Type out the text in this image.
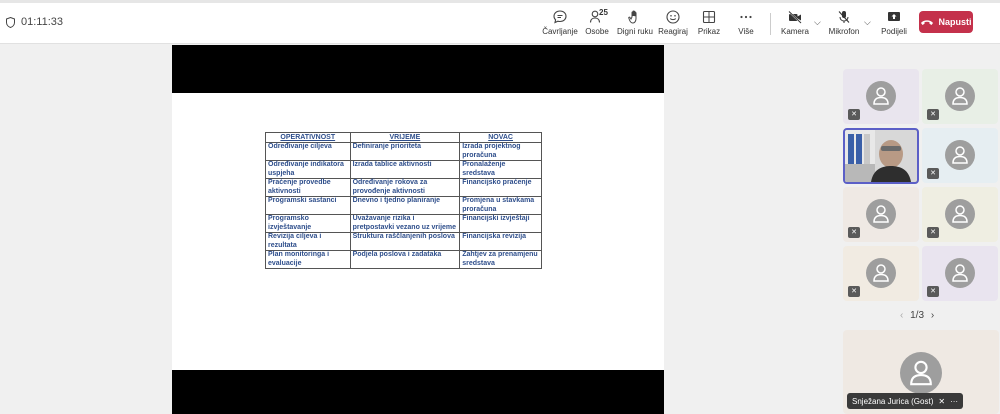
01:11:33
Čavrljanje
25
Osobe Digni ruku Reagiraj Prikaz	Više	Kamera
⌵
Mikrofon
⌵
Podijeli
Napusti
OPERATIVNOST	VRIJEME	NOVAC
Određivanje ciljeva	Definiranje prioriteta	Izrada projektnog proračuna
Određivanje indikatora uspjeha	Izrada tablice aktivnosti	Pronalaženje sredstava
Praćenje provedbe aktivnosti	Određivanje rokova za provođenje aktivnosti	Financijsko praćenje
Programski sastanci	Dnevno i tjedno planiranje	Promjena u stavkama proračuna
Programsko izvještavanje	Uvažavanje rizika i pretpostavki vezano uz vrijeme	Financijski izvještaji
Revizija ciljeva i rezultata	Struktura raščlanjenih poslova	Financijska revizija
Plan monitoringa i evaluacije	Podjela poslova i zadataka	Zahtjev za prenamjenu sredstava
✕	✕
✕
✕	✕
✕	✕
‹ 1/3 ›
Snježana Jurica (Gost) ✕ ···
